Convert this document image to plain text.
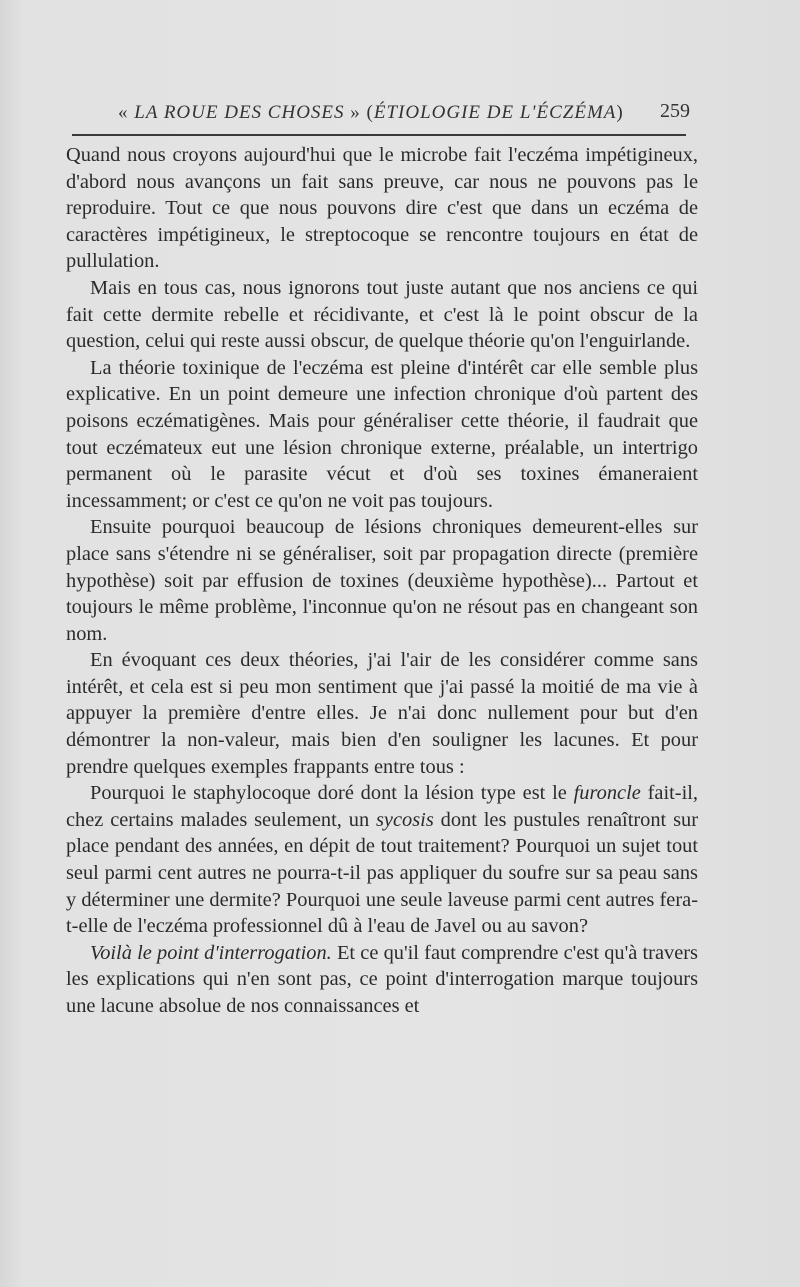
« LA ROUE DES CHOSES » (ÉTIOLOGIE DE L'ÉCZÉMA) 259

Quand nous croyons aujourd'hui que le microbe fait l'eczéma impétigineux, d'abord nous avançons un fait sans preuve, car nous ne pouvons pas le reproduire. Tout ce que nous pouvons dire c'est que dans un eczéma de caractères impétigineux, le streptocoque se rencontre toujours en état de pullulation.

Mais en tous cas, nous ignorons tout juste autant que nos anciens ce qui fait cette dermite rebelle et récidivante, et c'est là le point obscur de la question, celui qui reste aussi obscur, de quelque théorie qu'on l'enguirlande.

La théorie toxinique de l'eczéma est pleine d'intérêt car elle semble plus explicative. En un point demeure une infection chronique d'où partent des poisons eczématigènes. Mais pour généraliser cette théorie, il faudrait que tout eczémateux eut une lésion chronique externe, préalable, un intertrigo permanent où le parasite vécut et d'où ses toxines émaneraient incessamment; or c'est ce qu'on ne voit pas toujours.

Ensuite pourquoi beaucoup de lésions chroniques demeurent-elles sur place sans s'étendre ni se généraliser, soit par propagation directe (première hypothèse) soit par effusion de toxines (deuxième hypothèse)... Partout et toujours le même problème, l'inconnue qu'on ne résout pas en changeant son nom.

En évoquant ces deux théories, j'ai l'air de les considérer comme sans intérêt, et cela est si peu mon sentiment que j'ai passé la moitié de ma vie à appuyer la première d'entre elles. Je n'ai donc nullement pour but d'en démontrer la non-valeur, mais bien d'en souligner les lacunes. Et pour prendre quelques exemples frappants entre tous :

Pourquoi le staphylocoque doré dont la lésion type est le furoncle fait-il, chez certains malades seulement, un sycosis dont les pustules renaîtront sur place pendant des années, en dépit de tout traitement? Pourquoi un sujet tout seul parmi cent autres ne pourra-t-il pas appliquer du soufre sur sa peau sans y déterminer une dermite? Pourquoi une seule laveuse parmi cent autres fera-t-elle de l'eczéma professionnel dû à l'eau de Javel ou au savon?

Voilà le point d'interrogation. Et ce qu'il faut comprendre c'est qu'à travers les explications qui n'en sont pas, ce point d'interrogation marque toujours une lacune absolue de nos connaissances et
